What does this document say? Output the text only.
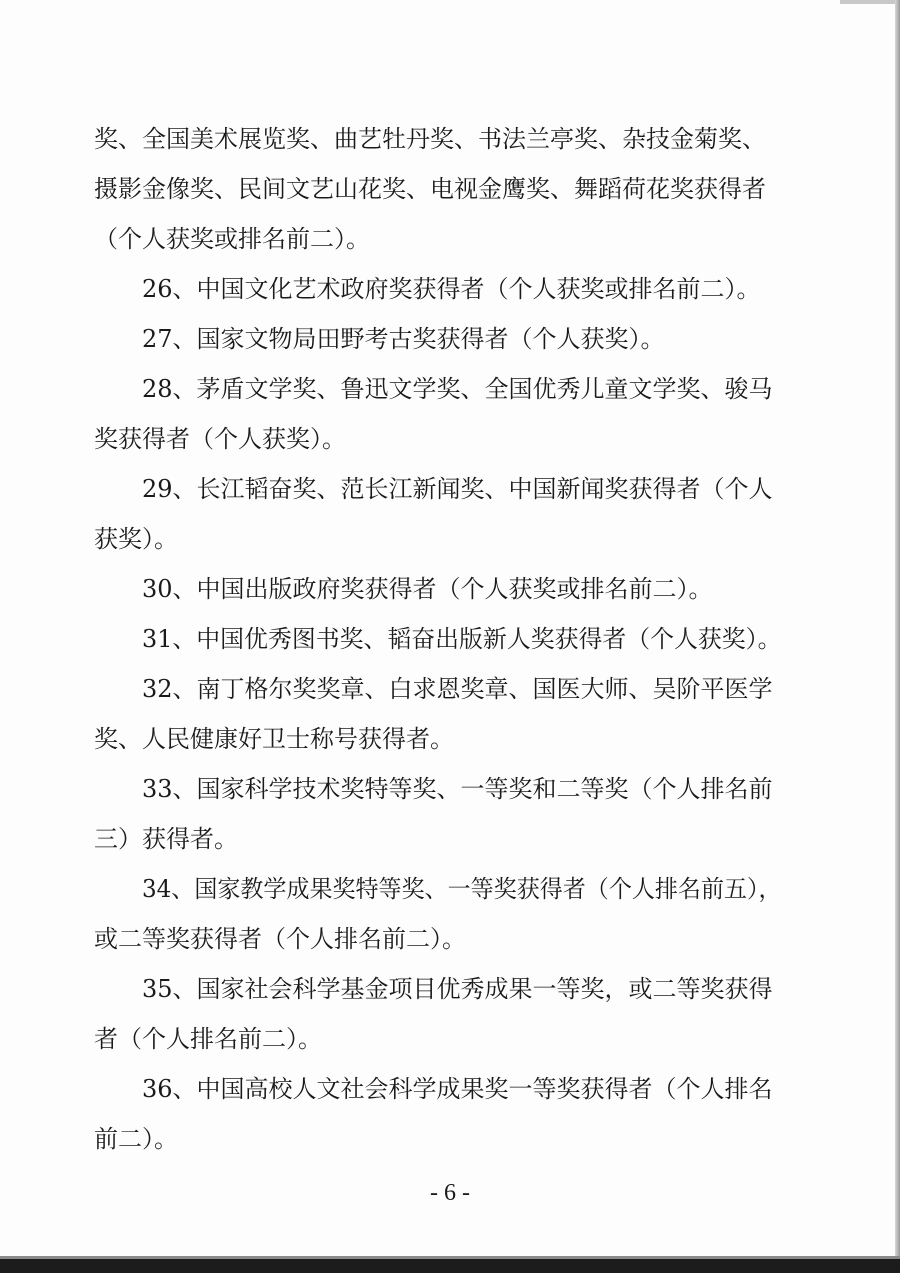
奖、全国美术展览奖、曲艺牡丹奖、书法兰亭奖、杂技金菊奖、
摄影金像奖、民间文艺山花奖、电视金鹰奖、舞蹈荷花奖获得者
（个人获奖或排名前二）。
26、中国文化艺术政府奖获得者（个人获奖或排名前二）。
27、国家文物局田野考古奖获得者（个人获奖）。
28、茅盾文学奖、鲁迅文学奖、全国优秀儿童文学奖、骏马
奖获得者（个人获奖）。
29、长江韬奋奖、范长江新闻奖、中国新闻奖获得者（个人
获奖）。
30、中国出版政府奖获得者（个人获奖或排名前二）。
31、中国优秀图书奖、韬奋出版新人奖获得者（个人获奖）。
32、南丁格尔奖奖章、白求恩奖章、国医大师、吴阶平医学
奖、人民健康好卫士称号获得者。
33、国家科学技术奖特等奖、一等奖和二等奖（个人排名前
三）获得者。
34、国家教学成果奖特等奖、一等奖获得者（个人排名前五），
或二等奖获得者（个人排名前二）。
35、国家社会科学基金项目优秀成果一等奖，或二等奖获得
者（个人排名前二）。
36、中国高校人文社会科学成果奖一等奖获得者（个人排名
前二）。
- 6 -
